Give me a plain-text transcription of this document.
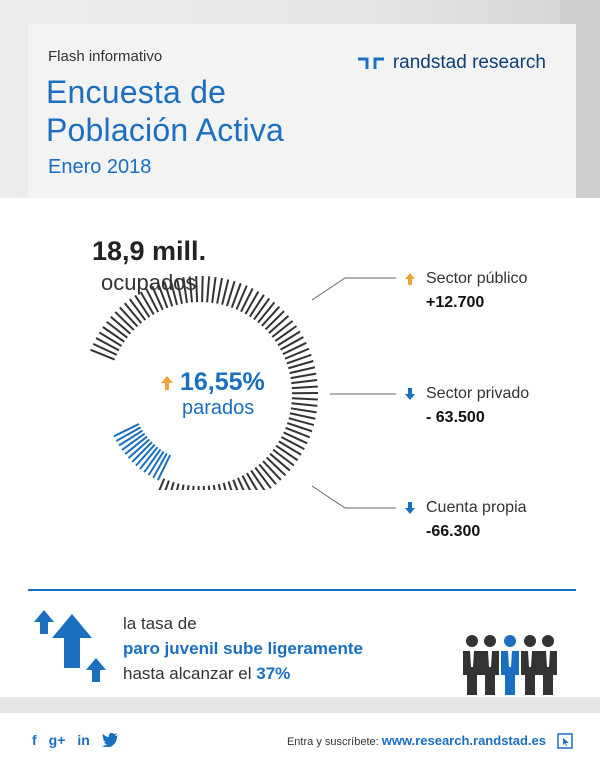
Flash informativo
Encuesta de
Población Activa
Enero 2018
randstad research
18,9 mill.
ocupados
16,55%
parados
Sector público
+12.700
Sector privado
- 63.500
Cuenta propia
-66.300
la tasa de
paro juvenil sube ligeramente
hasta alcanzar el 37%
f g+ in	Entra y suscríbete: www.research.randstad.es
